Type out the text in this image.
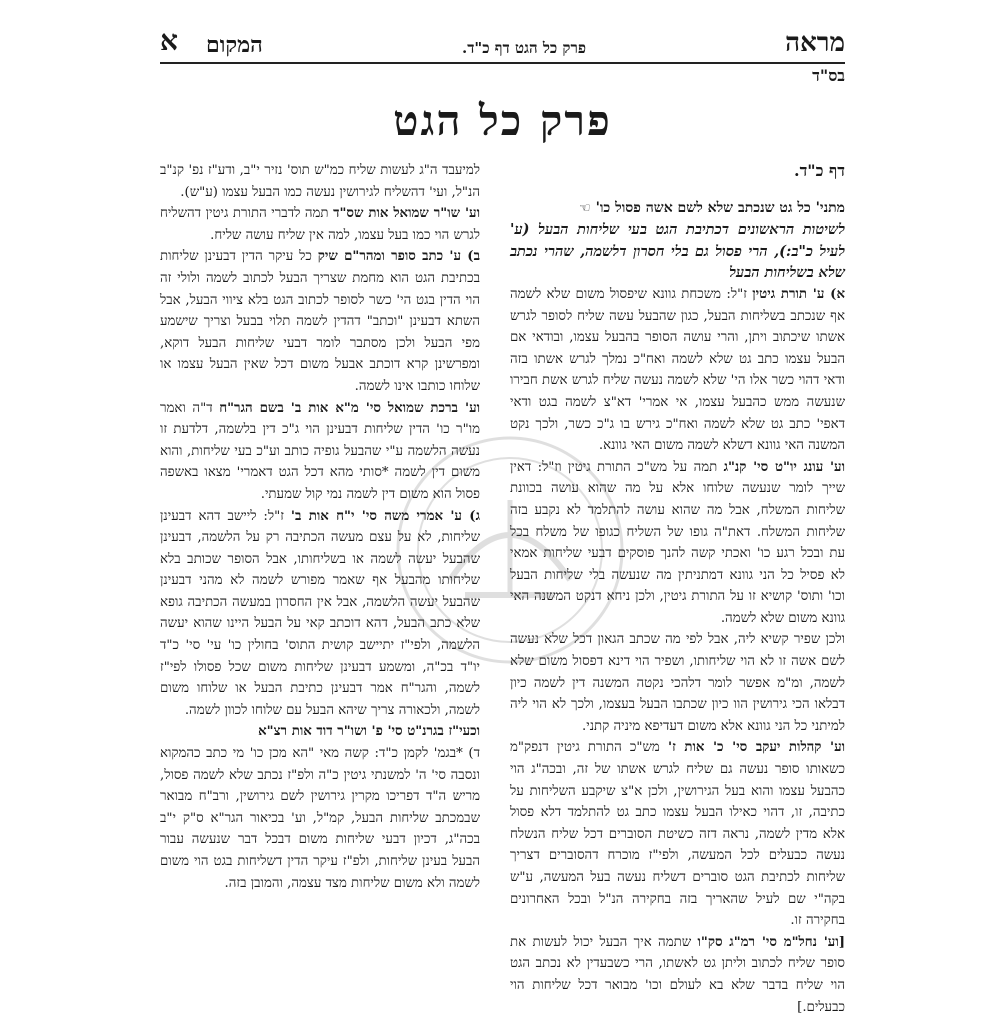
מראה
פרק כל הגט דף כ"ד.
המקום
א
בס"ד
פרק כל הגט
דף כ"ד.

מתני' כל גט שנכתב שלא לשם אשה פסול כו' ☜

לשיטות הראשונים דכתיבת הגט בעי שליחות הבעל (ע' לעיל כ"ב:), הרי פסול גם בלי חסרון דלשמה, שהרי נכתב שלא בשליחות הבעל

א) ע' תורת גיטין ז"ל: משכחת גוונא שיפסול משום שלא לשמה אף שנכתב בשליחות הבעל, כגון שהבעל עשה שליח לסופר לגרש אשתו שיכתוב ויתן, והרי עושה הסופר בהבעל עצמו, ובודאי אם הבעל עצמו כתב גט שלא לשמה ואח"כ נמלך לגרש אשתו בזה ודאי דהוי כשר אלו הי' שלא לשמה נעשה שליח לגרש אשת חבירו שנעשה ממש כהבעל עצמו, אי אמרי' דא"צ לשמה בגט ודאי דאפי' כתב גט שלא לשמה ואח"כ גירש בו ג"כ כשר, ולכך נקט המשנה האי גוונא דשלא לשמה משום האי גוונא.

וע' עונג יו"ט סי' קנ"ג תמה על מש"כ התורת גיטין וז"ל: דאין שייך לומר שנעשה שלוחו אלא על מה שהוא עושה בכוונת שליחות המשלח, אבל מה שהוא עושה להתלמד לא נקבע בזה שליחות המשלח. דאת"ה גופו של השליח כגופו של משלח בכל עת ובכל רגע כו' ואכתי קשה להנך פוסקים דבעי שליחות אמאי לא פסיל כל הני גוונא דמתניתין מה שנעשה בלי שליחות הבעל וכו' ותוס' קושיא זו על התורת גיטין, ולכן ניחא דנקט המשנה האי גוונא משום שלא לשמה.

ולכן שפיר קשיא ליה, אבל לפי מה שכתב הגאון דכל שלא נעשה לשם אשה זו לא הוי שליחותו, ושפיר הוי דינא דפסול משום שלא לשמה, ומ"מ אפשר לומר דלהכי נקטה המשנה דין לשמה כיון דבלאו הכי גירושין הוו כיון שכתבו הבעל בעצמו, ולכך לא הוי ליה למיתני כל הני גוונא אלא משום דעדיפא מיניה קתני.

וע' קהלות יעקב סי' כ' אות ז' מש"כ התורת גיטין דנפק"מ כשאותו סופר נעשה גם שליח לגרש אשתו של זה, ובכה"ג הוי כהבעל עצמו והוא בעל הגירושין, ולכן א"צ שיקבע השליחות על כתיבה, זו, דהוי כאילו הבעל עצמו כתב גט להתלמד דלא פסול אלא מדין לשמה, נראה דזה כשיטת הסוברים דכל שליח הנשלח נעשה כבעלים לכל המעשה, ולפי"ז מוכרח דהסוברים דצריך שליחות לכתיבת הגט סוברים דשליח נעשה בעל המעשה, ע"ש בקה"י שם לעיל שהאריך בזה בחקירה הנ"ל ובכל האחרונים בחקירה זו.

[וע' נחל"מ סי' רמ"ג סק"ו שתמה איך הבעל יכול לעשות את סופר שליח לכתוב וליתן גט לאשתו, הרי כשבעדין לא נכתב הגט הוי שליח בדבר שלא בא לעולם וכו' מבואר דכל שליחות הוי כבעלים.]

למיעבד ה"ג לעשות שליח כמ"ש תוס' נזיר י"ב, ודע"ז נפ' קנ"ב הנ"ל, ועי' דהשליח לגירושין נעשה כמו הבעל עצמו (ע"ש).

וע' שו"ר שמואל אות שס"ד תמה לדברי התורת גיטין דהשליח לגרש הוי כמו בעל עצמו, למה אין שליח עושה שליח.

ב) ע' כתב סופר ומהר"ם שיק כל עיקר הדין דבעינן שליחות בכתיבת הגט הוא מחמת שצריך הבעל לכתוב לשמה ולולי זה הוי הדין בגט הי' כשר לסופר לכתוב הגט בלא ציווי הבעל, אבל השתא דבעינן "וכתב" דהדין לשמה תלוי בבעל וצריך שישמע מפי הבעל ולכן מסתבר לומר דבעי שליחות הבעל דוקא, ומפרשינן קרא דוכתב אבעל משום דכל שאין הבעל עצמו או שלוחו כותבו אינו לשמה.

וע' ברכת שמואל סי' מ"א אות ב' בשם הגר"ח ד"ה ואמר מו"ר כו' הדין שליחות דבעינן הוי ג"כ דין בלשמה, דלדעת זו נעשה הלשמה ע"י שהבעל גופיה כותב וע"כ בעי שליחות, והוא משום דין לשמה *סותי מהא דכל הגט דאמרי' מצאו באשפה פסול הוא משום דין לשמה נמי קול שמעתי.

ג) ע' אמרי משה סי' י"ח אות ב' ז"ל: ליישב דהא דבעינן שליחות, לא על עצם מעשה הכתיבה רק על הלשמה, דבעינן שהבעל יעשה לשמה או בשליחותו, אבל הסופר שכותב בלא שליחותו מהבעל אף שאמר מפורש לשמה לא מהני דבעינן שהבעל יעשה הלשמה, אבל אין החסרון במעשה הכתיבה גופא שלא כתב הבעל, דהא דוכתב קאי על הבעל היינו שהוא יעשה הלשמה, ולפי"ז יתיישב קושית התוס' בחולין כו' עי' סי' כ"ד יו"ד בכ"ה, ומשמע דבעינן שליחות משום שכל פסולו לפי"ז לשמה, והגר"ח אמר דבעינן כתיבת הבעל או שלוחו משום לשמה, ולכאורה צריך שיהא הבעל עם שלוחו לכוון לשמה.

וכעי"ז בגרנ"ט סי' פ' ושו"ר דוד אות רצ"א

ד) *בגמ' לקמן כ"ד: קשה מאי "הא מכן כו' מי כתב כהמקוא ונסבה סי' ה' למשנתי גיטין כ"ה ולפ"ז נכתב שלא לשמה פסול, מריש ה"ד דפריכו מקרין גירושין לשם גירושין, ורב"ח מבואר שבמכתב שליחות הבעל, קמ"ל, וע' בכיאור הגר"א ס"ק י"ב בכה"ג, דכיון דבעי שליחות משום דבכל דבר שנעשה עבור הבעל בעינן שליחות, ולפ"ז עיקר הדין דשליחות בגט הוי משום לשמה ולא משום שליחות מצד עצמה, והמובן בזה.
